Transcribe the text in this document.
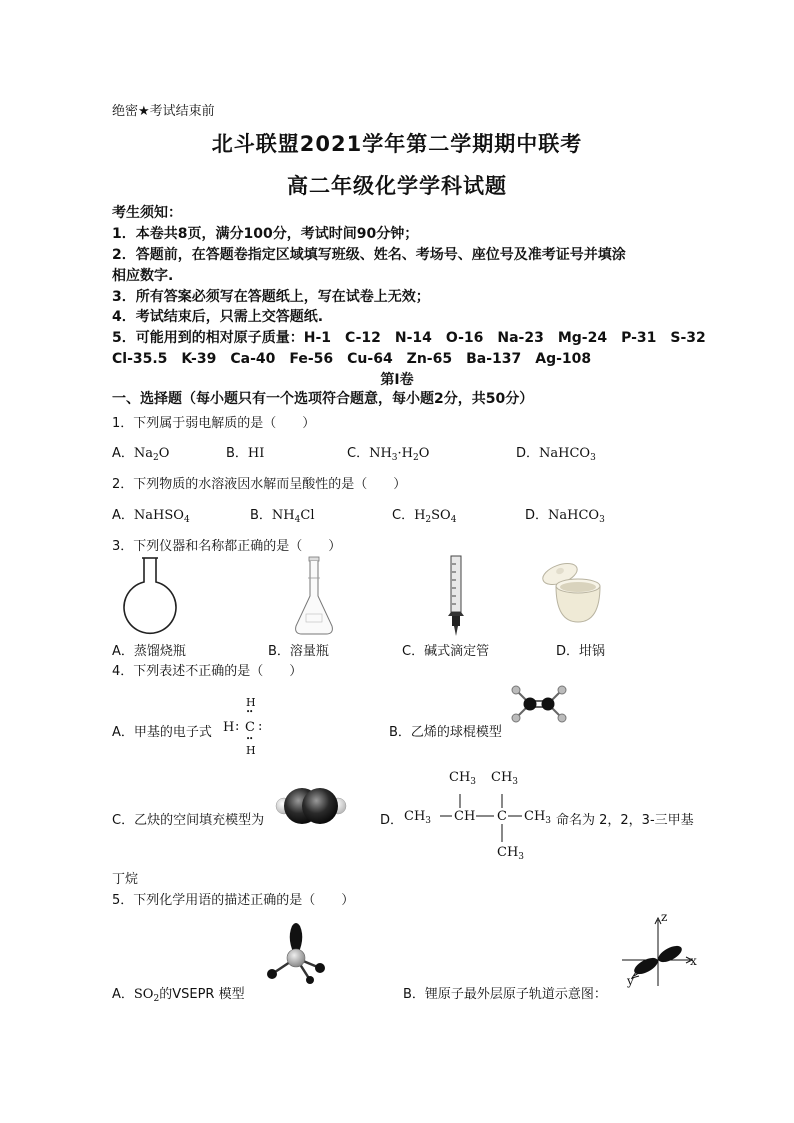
绝密★考试结束前
北斗联盟2021学年第二学期期中联考
高二年级化学学科试题
考生须知：
1．本卷共8页，满分100分，考试时间90分钟；
2．答题前，在答题卷指定区域填写班级、姓名、考场号、座位号及准考证号并填涂
相应数字.
3．所有答案必须写在答题纸上，写在试卷上无效；
4．考试结束后，只需上交答题纸.
5．可能用到的相对原子质量：H-1　C-12　N-14　O-16　Na-23　Mg-24　P-31　S-32
Cl-35.5　K-39　Ca-40　Fe-56　Cu-64　Zn-65　Ba-137　Ag-108
第Ⅰ卷
一、选择题（每小题只有一个选项符合题意，每小题2分，共50分）
1．下列属于弱电解质的是（　　）
A．$Na_2O$	B．HI	C．$NH_3\cdot H_2O$	D．NaHCO$_3$
2．下列物质的水溶液因水解而呈酸性的是（　　）
A．NaHSO$_4$	B．$NH_4Cl$	C．$H_2SO_4$	D．NaHCO$_3$
3．下列仪器和名称都正确的是（　　）
A．蒸馏烧瓶	B．溶量瓶	C．碱式滴定管	D．坩锅
4．下列表述不正确的是（　　）
A．甲基的电子式
H
••
H : C :
••
H
B．乙烯的球棍模型
C．乙炔的空间填充模型为	D．
$CH_3$ $CH_3$
$CH_3$ CH C $CH_3$
$CH_3$
命名为 2，2，3-三甲基
丁烷
5．下列化学用语的描述正确的是（　　）
A．$SO_2$的VSEPR 模型	B．锂原子最外层原子轨道示意图：
z
x
y
